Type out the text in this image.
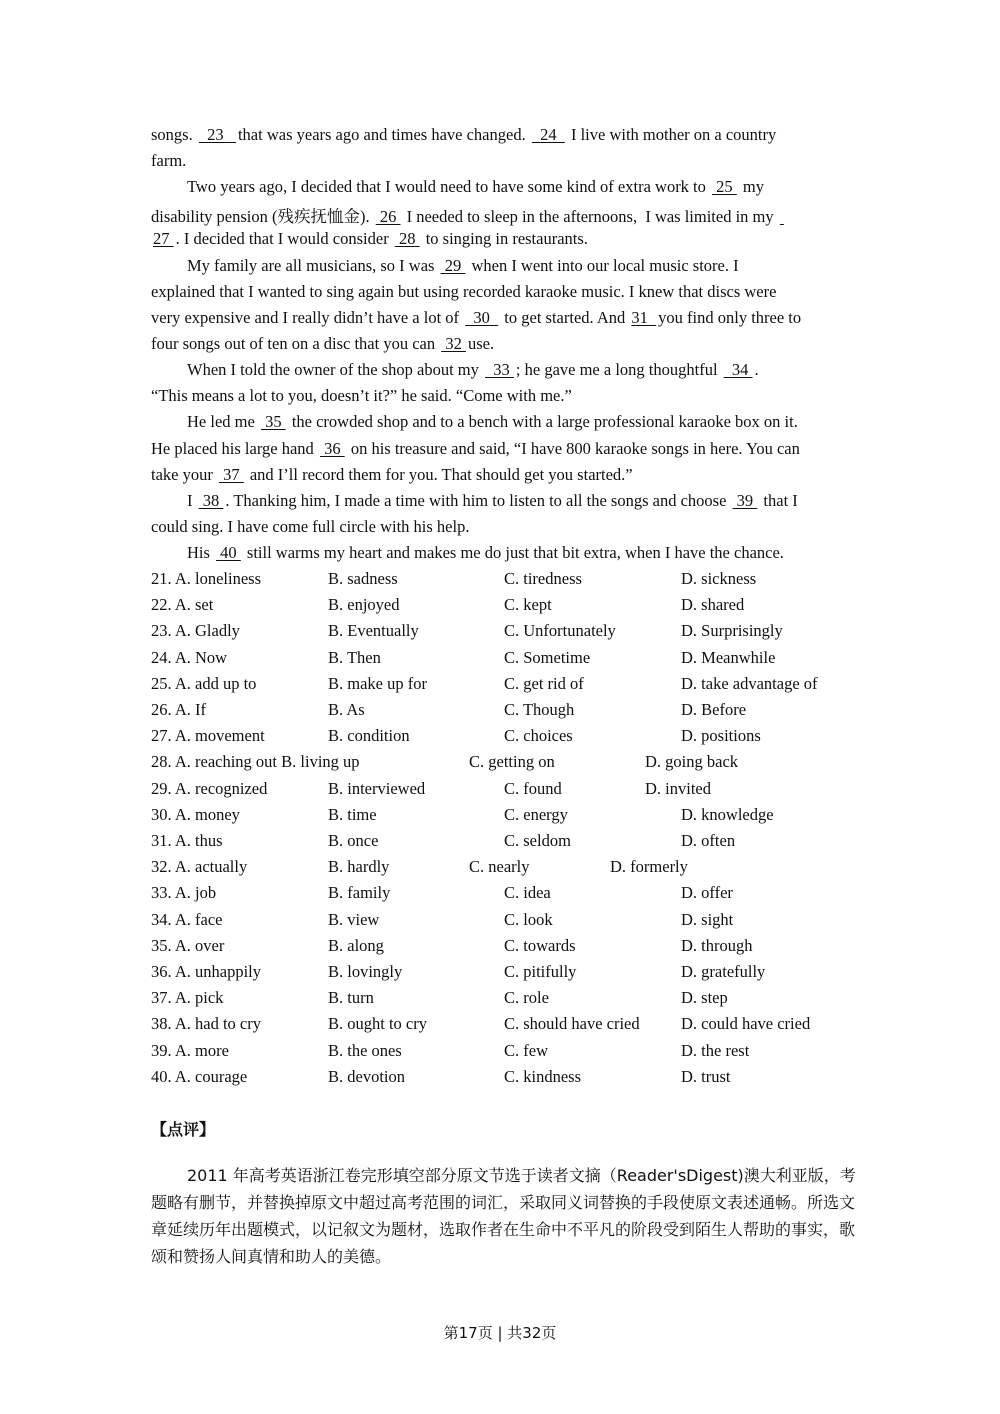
songs.   23   that was years ago and times have changed.   24   I live with mother on a country
farm.
Two years ago, I decided that I would need to have some kind of extra work to  25  my
disability pension (残疾抚恤金).  26  I needed to sleep in the afternoons,  I was limited in my
27 . I decided that I would consider  28  to singing in restaurants.
My family are all musicians, so I was  29  when I went into our local music store. I
explained that I wanted to sing again but using recorded karaoke music. I knew that discs were
very expensive and I really didn’t have a lot of   30   to get started. And 31  you find only three to
four songs out of ten on a disc that you can  32 use.
When I told the owner of the shop about my   33 ; he gave me a long thoughtful   34 .
“This means a lot to you, doesn’t it?” he said. “Come with me.”
He led me  35  the crowded shop and to a bench with a large professional karaoke box on it.
He placed his large hand  36  on his treasure and said, “I have 800 karaoke songs in here. You can
take your  37  and I’ll record them for you. That should get you started.”
I  38 . Thanking him, I made a time with him to listen to all the songs and choose  39  that I
could sing. I have come full circle with his help.
His  40  still warms my heart and makes me do just that bit extra, when I have the chance.
21. A. loneliness	B. sadness	C. tiredness	D. sickness
22. A. set	B. enjoyed	C. kept	D. shared
23. A. Gladly	B. Eventually	C. Unfortunately	D. Surprisingly
24. A. Now	B. Then	C. Sometime	D. Meanwhile
25. A. add up to	B. make up for	C. get rid of	D. take advantage of
26. A. If	B. As	C. Though	D. Before
27. A. movement	B. condition	C. choices	D. positions
28. A. reaching out B. living up	C. getting on	D. going back
29. A. recognized	B. interviewed	C. found	D. invited
30. A. money	B. time	C. energy	D. knowledge
31. A. thus	B. once	C. seldom	D. often
32. A. actually	B. hardly	C. nearly	D. formerly
33. A. job	B. family	C. idea	D. offer
34. A. face	B. view	C. look	D. sight
35. A. over	B. along	C. towards	D. through
36. A. unhappily	B. lovingly	C. pitifully	D. gratefully
37. A. pick	B. turn	C. role	D. step
38. A. had to cry	B. ought to cry	C. should have cried	D. could have cried
39. A. more	B. the ones	C. few	D. the rest
40. A. courage	B. devotion	C. kindness	D. trust
【点评】
2011 年高考英语浙江卷完形填空部分原文节选于读者文摘（Reader'sDigest)澳大利亚版，考题略有删节，并替换掉原文中超过高考范围的词汇，采取同义词替换的手段使原文表述通畅。所选文章延续历年出题模式，以记叙文为题材，选取作者在生命中不平凡的阶段受到陌生人帮助的事实，歌颂和赞扬人间真情和助人的美德。
第17页 | 共32页
